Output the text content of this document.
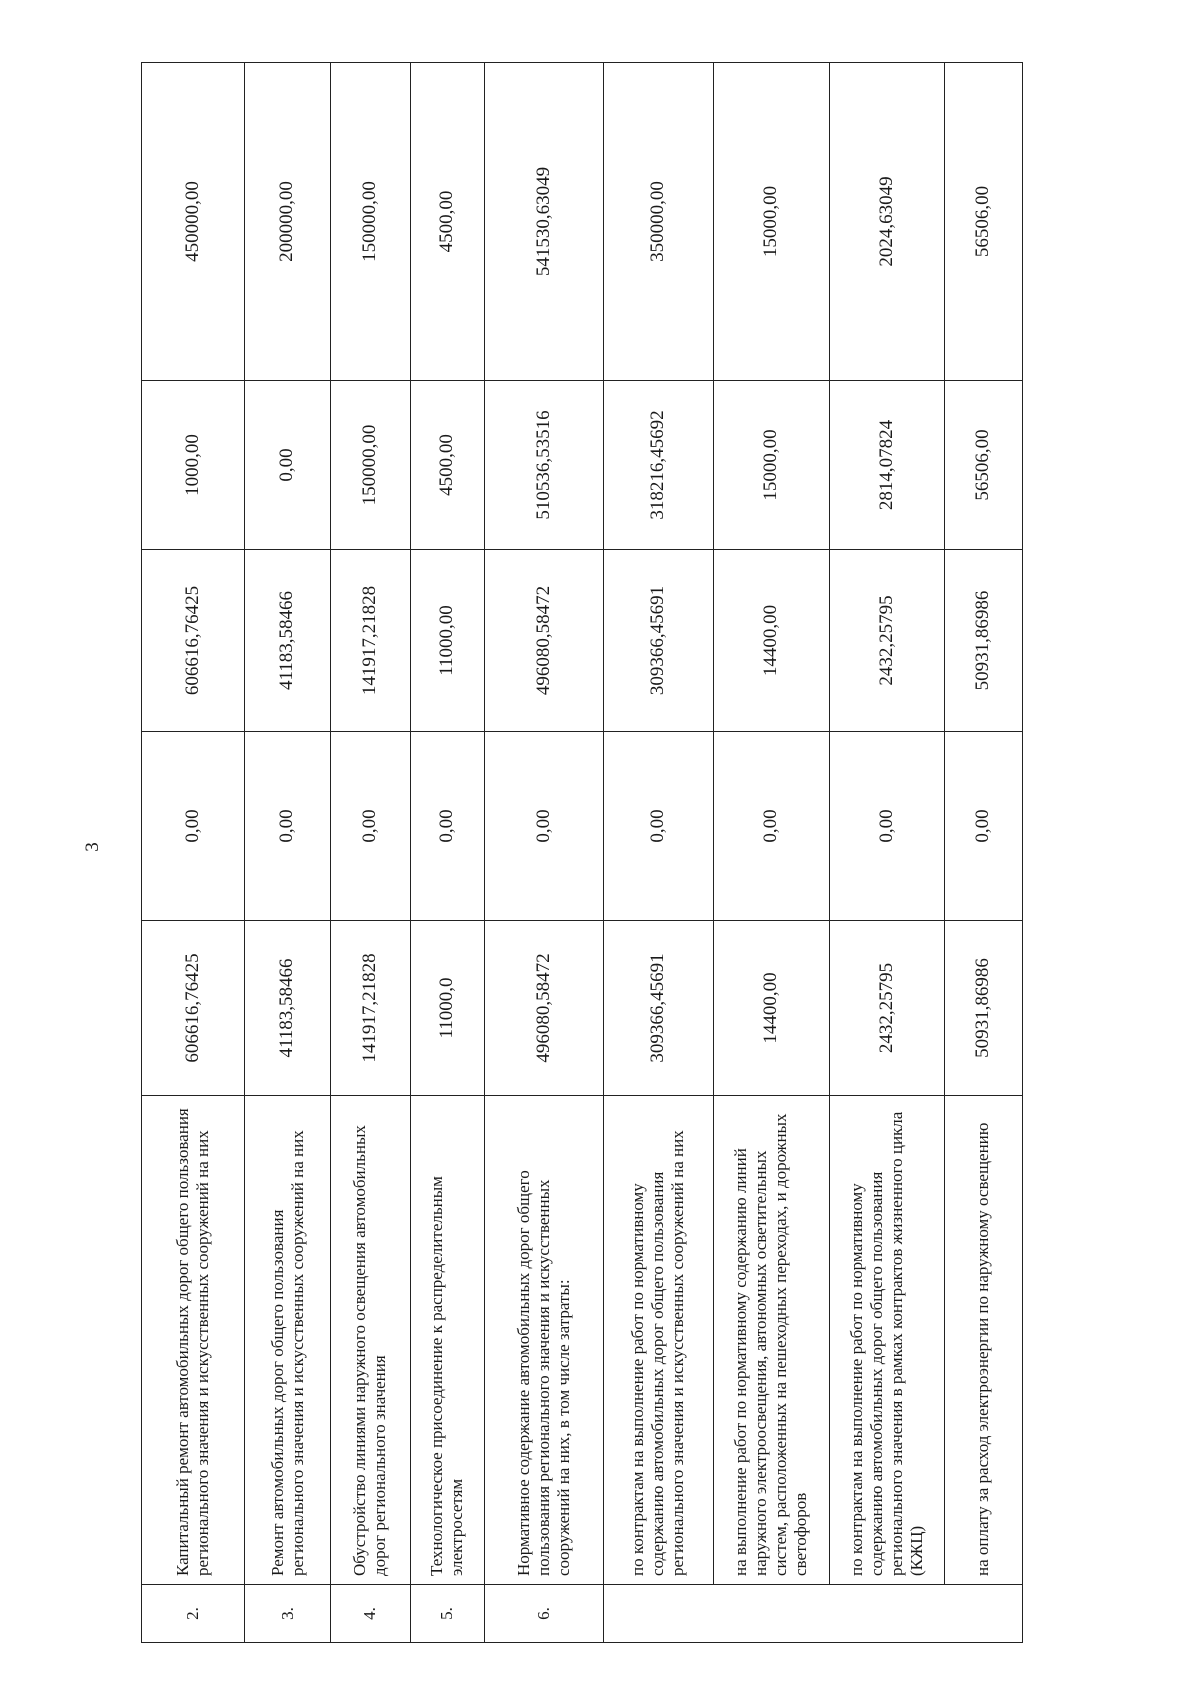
3
2.	Капитальный ремонт автомобильных дорог общего пользования регионального значения и искусственных сооружений на них	606616,76425	0,00	606616,76425	1000,00	450000,00
3.	Ремонт автомобильных дорог общего пользования регионального значения и искусственных сооружений на них	41183,58466	0,00	41183,58466	0,00	200000,00
4.	Обустройство линиями наружного освещения автомобильных дорог регионального значения	141917,21828	0,00	141917,21828	150000,00	150000,00
5.	Технологическое присоединение к распределительным электросетям	11000,0	0,00	11000,00	4500,00	4500,00
6.	Нормативное содержание автомобильных дорог общего пользования регионального значения и искусственных сооружений на них, в том числе затраты:	496080,58472	0,00	496080,58472	510536,53516	541530,63049
	по контрактам на выполнение работ по нормативному содержанию автомобильных дорог общего пользования регионального значения и искусственных сооружений на них	309366,45691	0,00	309366,45691	318216,45692	350000,00
	на выполнение работ по нормативному содержанию линий наружного электроосвещения, автономных осветительных систем, расположенных на пешеходных переходах, и дорожных светофоров	14400,00	0,00	14400,00	15000,00	15000,00
	по контрактам на выполнение работ по нормативному содержанию автомобильных дорог общего пользования регионального значения в рамках контрактов жизненного цикла (КЖЦ)	2432,25795	0,00	2432,25795	2814,07824	2024,63049
	на оплату за расход электроэнергии по наружному освещению	50931,86986	0,00	50931,86986	56506,00	56506,00
